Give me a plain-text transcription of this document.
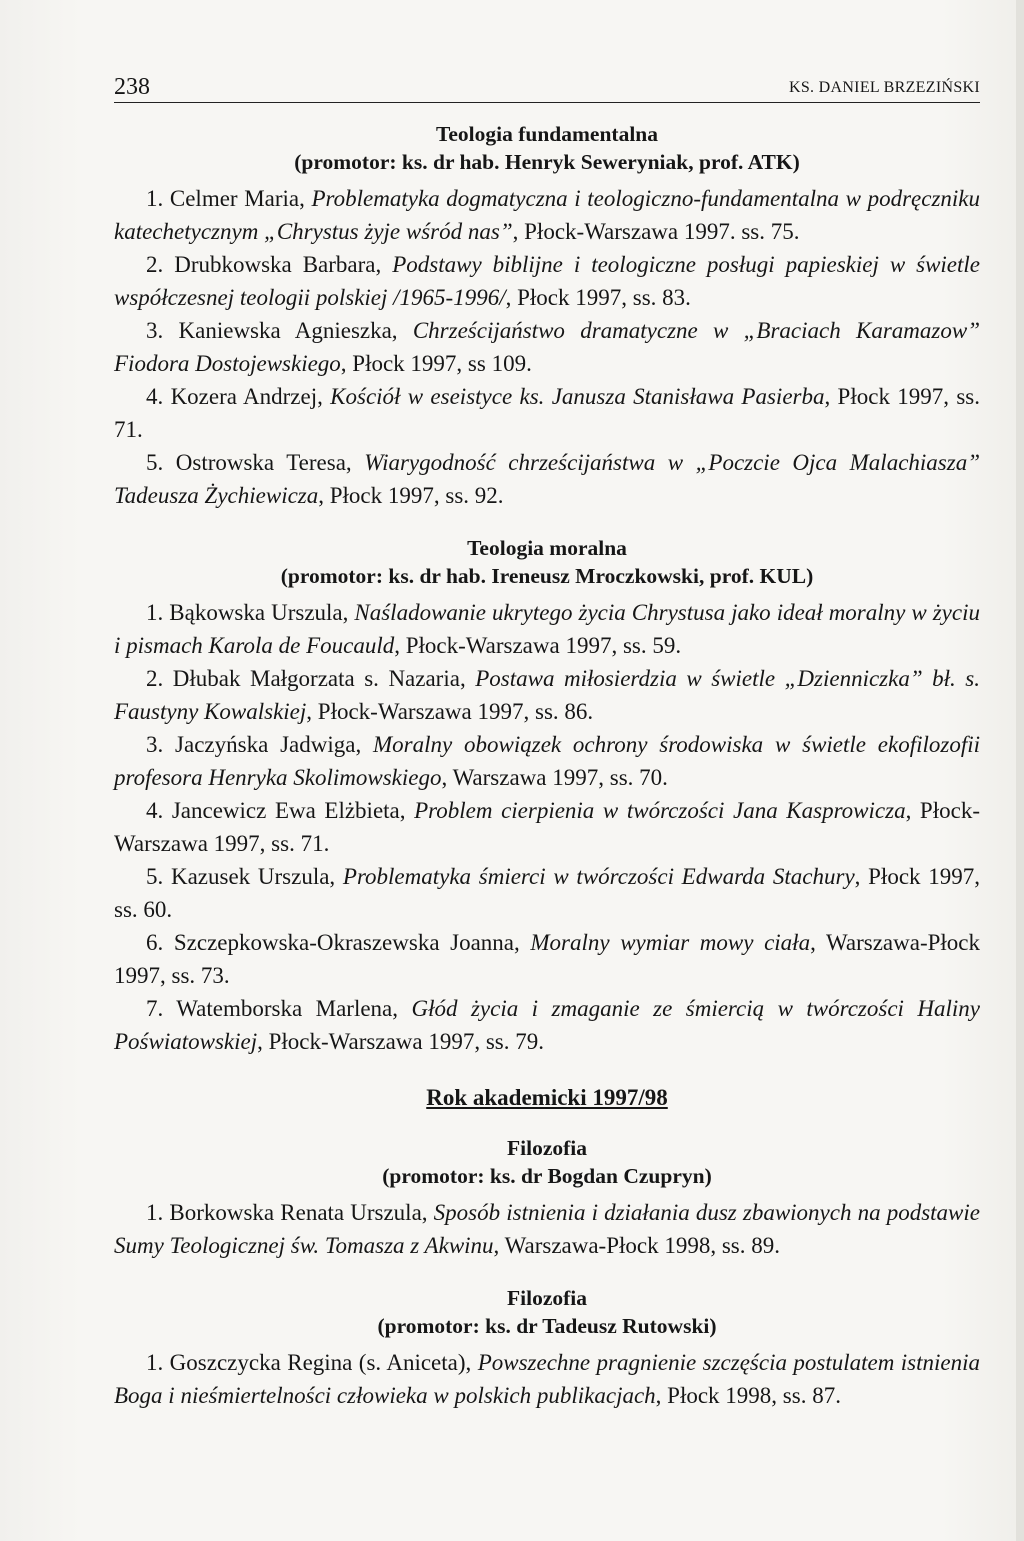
238	KS. DANIEL BRZEZIŃSKI
Teologia fundamentalna
(promotor: ks. dr hab. Henryk Seweryniak, prof. ATK)

1. Celmer Maria, Problematyka dogmatyczna i teologiczno-fundamentalna w podręczniku katechetycznym „Chrystus żyje wśród nas”, Płock-Warszawa 1997. ss. 75.

2. Drubkowska Barbara, Podstawy biblijne i teologiczne posługi papieskiej w świetle współczesnej teologii polskiej /1965-1996/, Płock 1997, ss. 83.

3. Kaniewska Agnieszka, Chrześcijaństwo dramatyczne w „Braciach Karamazow” Fiodora Dostojewskiego, Płock 1997, ss 109.

4. Kozera Andrzej, Kościół w eseistyce ks. Janusza Stanisława Pasierba, Płock 1997, ss. 71.

5. Ostrowska Teresa, Wiarygodność chrześcijaństwa w „Poczcie Ojca Malachiasza” Tadeusza Żychiewicza, Płock 1997, ss. 92.

Teologia moralna
(promotor: ks. dr hab. Ireneusz Mroczkowski, prof. KUL)

1. Bąkowska Urszula, Naśladowanie ukrytego życia Chrystusa jako ideał moralny w życiu i pismach Karola de Foucauld, Płock-Warszawa 1997, ss. 59.

2. Dłubak Małgorzata s. Nazaria, Postawa miłosierdzia w świetle „Dzienniczka” bł. s. Faustyny Kowalskiej, Płock-Warszawa 1997, ss. 86.

3. Jaczyńska Jadwiga, Moralny obowiązek ochrony środowiska w świetle ekofilozofii profesora Henryka Skolimowskiego, Warszawa 1997, ss. 70.

4. Jancewicz Ewa Elżbieta, Problem cierpienia w twórczości Jana Kasprowicza, Płock-Warszawa 1997, ss. 71.

5. Kazusek Urszula, Problematyka śmierci w twórczości Edwarda Stachury, Płock 1997, ss. 60.

6. Szczepkowska-Okraszewska Joanna, Moralny wymiar mowy ciała, Warszawa-Płock 1997, ss. 73.

7. Watemborska Marlena, Głód życia i zmaganie ze śmiercią w twórczości Haliny Poświatowskiej, Płock-Warszawa 1997, ss. 79.

Rok akademicki 1997/98
Filozofia
(promotor: ks. dr Bogdan Czupryn)

1. Borkowska Renata Urszula, Sposób istnienia i działania dusz zbawionych na podstawie Sumy Teologicznej św. Tomasza z Akwinu, Warszawa-Płock 1998, ss. 89.

Filozofia
(promotor: ks. dr Tadeusz Rutowski)

1. Goszczycka Regina (s. Aniceta), Powszechne pragnienie szczęścia postulatem istnienia Boga i nieśmiertelności człowieka w polskich publikacjach, Płock 1998, ss. 87.
